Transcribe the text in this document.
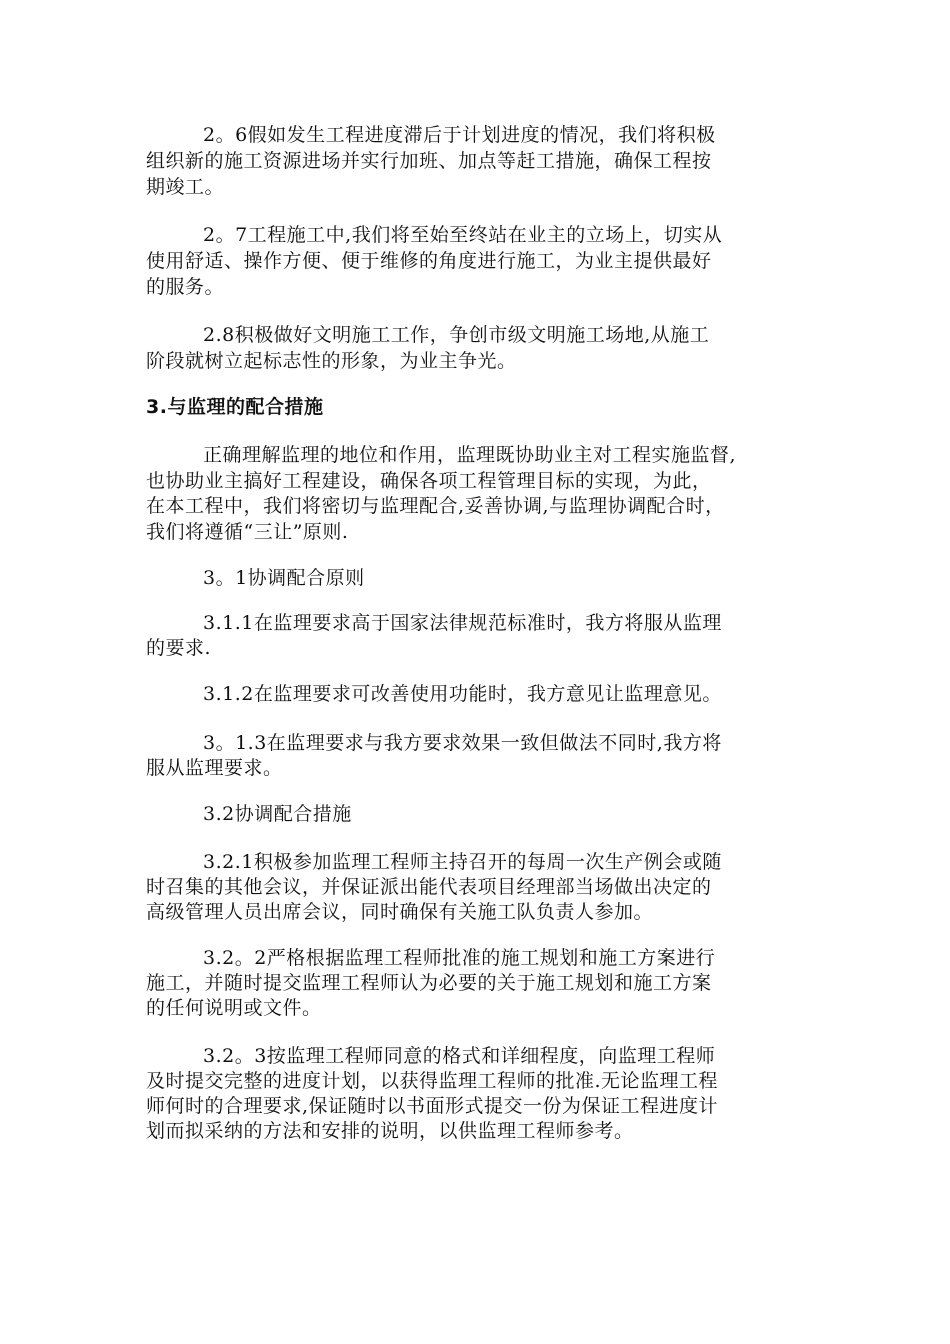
2。6假如发生工程进度滞后于计划进度的情况，我们将积极
组织新的施工资源进场并实行加班、加点等赶工措施，确保工程按
期竣工。
2。7工程施工中,我们将至始至终站在业主的立场上，切实从
使用舒适、操作方便、便于维修的角度进行施工，为业主提供最好
的服务。
2.8积极做好文明施工工作，争创市级文明施工场地,从施工
阶段就树立起标志性的形象，为业主争光。
3.与监理的配合措施
正确理解监理的地位和作用，监理既协助业主对工程实施监督,
也协助业主搞好工程建设，确保各项工程管理目标的实现，为此，
在本工程中，我们将密切与监理配合,妥善协调,与监理协调配合时，
我们将遵循“三让”原则.
3。1协调配合原则
3.1.1在监理要求高于国家法律规范标准时，我方将服从监理
的要求.
3.1.2在监理要求可改善使用功能时，我方意见让监理意见。
3。1.3在监理要求与我方要求效果一致但做法不同时,我方将
服从监理要求。
3.2协调配合措施
3.2.1积极参加监理工程师主持召开的每周一次生产例会或随
时召集的其他会议，并保证派出能代表项目经理部当场做出决定的
高级管理人员出席会议，同时确保有关施工队负责人参加。
3.2。2严格根据监理工程师批准的施工规划和施工方案进行
施工，并随时提交监理工程师认为必要的关于施工规划和施工方案
的任何说明或文件。
3.2。3按监理工程师同意的格式和详细程度，向监理工程师
及时提交完整的进度计划，以获得监理工程师的批准.无论监理工程
师何时的合理要求,保证随时以书面形式提交一份为保证工程进度计
划而拟采纳的方法和安排的说明，以供监理工程师参考。
